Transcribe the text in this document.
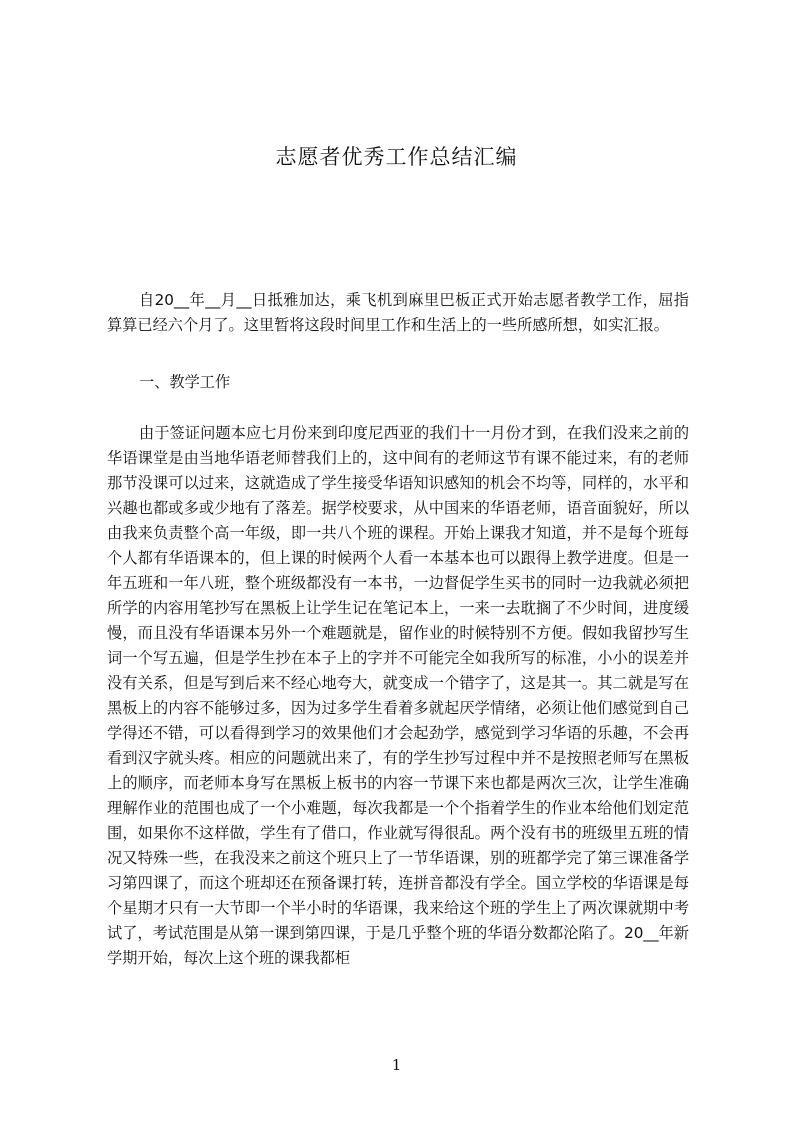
志愿者优秀工作总结汇编

自20__年__月__日抵雅加达，乘飞机到麻里巴板正式开始志愿者教学工作，屈指算算已经六个月了。这里暂将这段时间里工作和生活上的一些所感所想，如实汇报。

一、教学工作

由于签证问题本应七月份来到印度尼西亚的我们十一月份才到，在我们没来之前的华语课堂是由当地华语老师替我们上的，这中间有的老师这节有课不能过来，有的老师那节没课可以过来，这就造成了学生接受华语知识感知的机会不均等，同样的，水平和兴趣也都或多或少地有了落差。据学校要求，从中国来的华语老师，语音面貌好，所以由我来负责整个高一年级，即一共八个班的课程。开始上课我才知道，并不是每个班每个人都有华语课本的，但上课的时候两个人看一本基本也可以跟得上教学进度。但是一年五班和一年八班，整个班级都没有一本书，一边督促学生买书的同时一边我就必须把所学的内容用笔抄写在黑板上让学生记在笔记本上，一来一去耽搁了不少时间，进度缓慢，而且没有华语课本另外一个难题就是，留作业的时候特别不方便。假如我留抄写生词一个写五遍，但是学生抄在本子上的字并不可能完全如我所写的标准，小小的误差并没有关系，但是写到后来不经心地夸大，就变成一个错字了，这是其一。其二就是写在黑板上的内容不能够过多，因为过多学生看着多就起厌学情绪，必须让他们感觉到自己学得还不错，可以看得到学习的效果他们才会起劲学，感觉到学习华语的乐趣，不会再看到汉字就头疼。相应的问题就出来了，有的学生抄写过程中并不是按照老师写在黑板上的顺序，而老师本身写在黑板上板书的内容一节课下来也都是两次三次，让学生准确理解作业的范围也成了一个小难题，每次我都是一个个指着学生的作业本给他们划定范围，如果你不这样做，学生有了借口，作业就写得很乱。两个没有书的班级里五班的情况又特殊一些，在我没来之前这个班只上了一节华语课，别的班都学完了第三课准备学习第四课了，而这个班却还在预备课打转，连拼音都没有学全。国立学校的华语课是每个星期才只有一大节即一个半小时的华语课，我来给这个班的学生上了两次课就期中考试了，考试范围是从第一课到第四课，于是几乎整个班的华语分数都沦陷了。20__年新学期开始，每次上这个班的课我都柜

1
